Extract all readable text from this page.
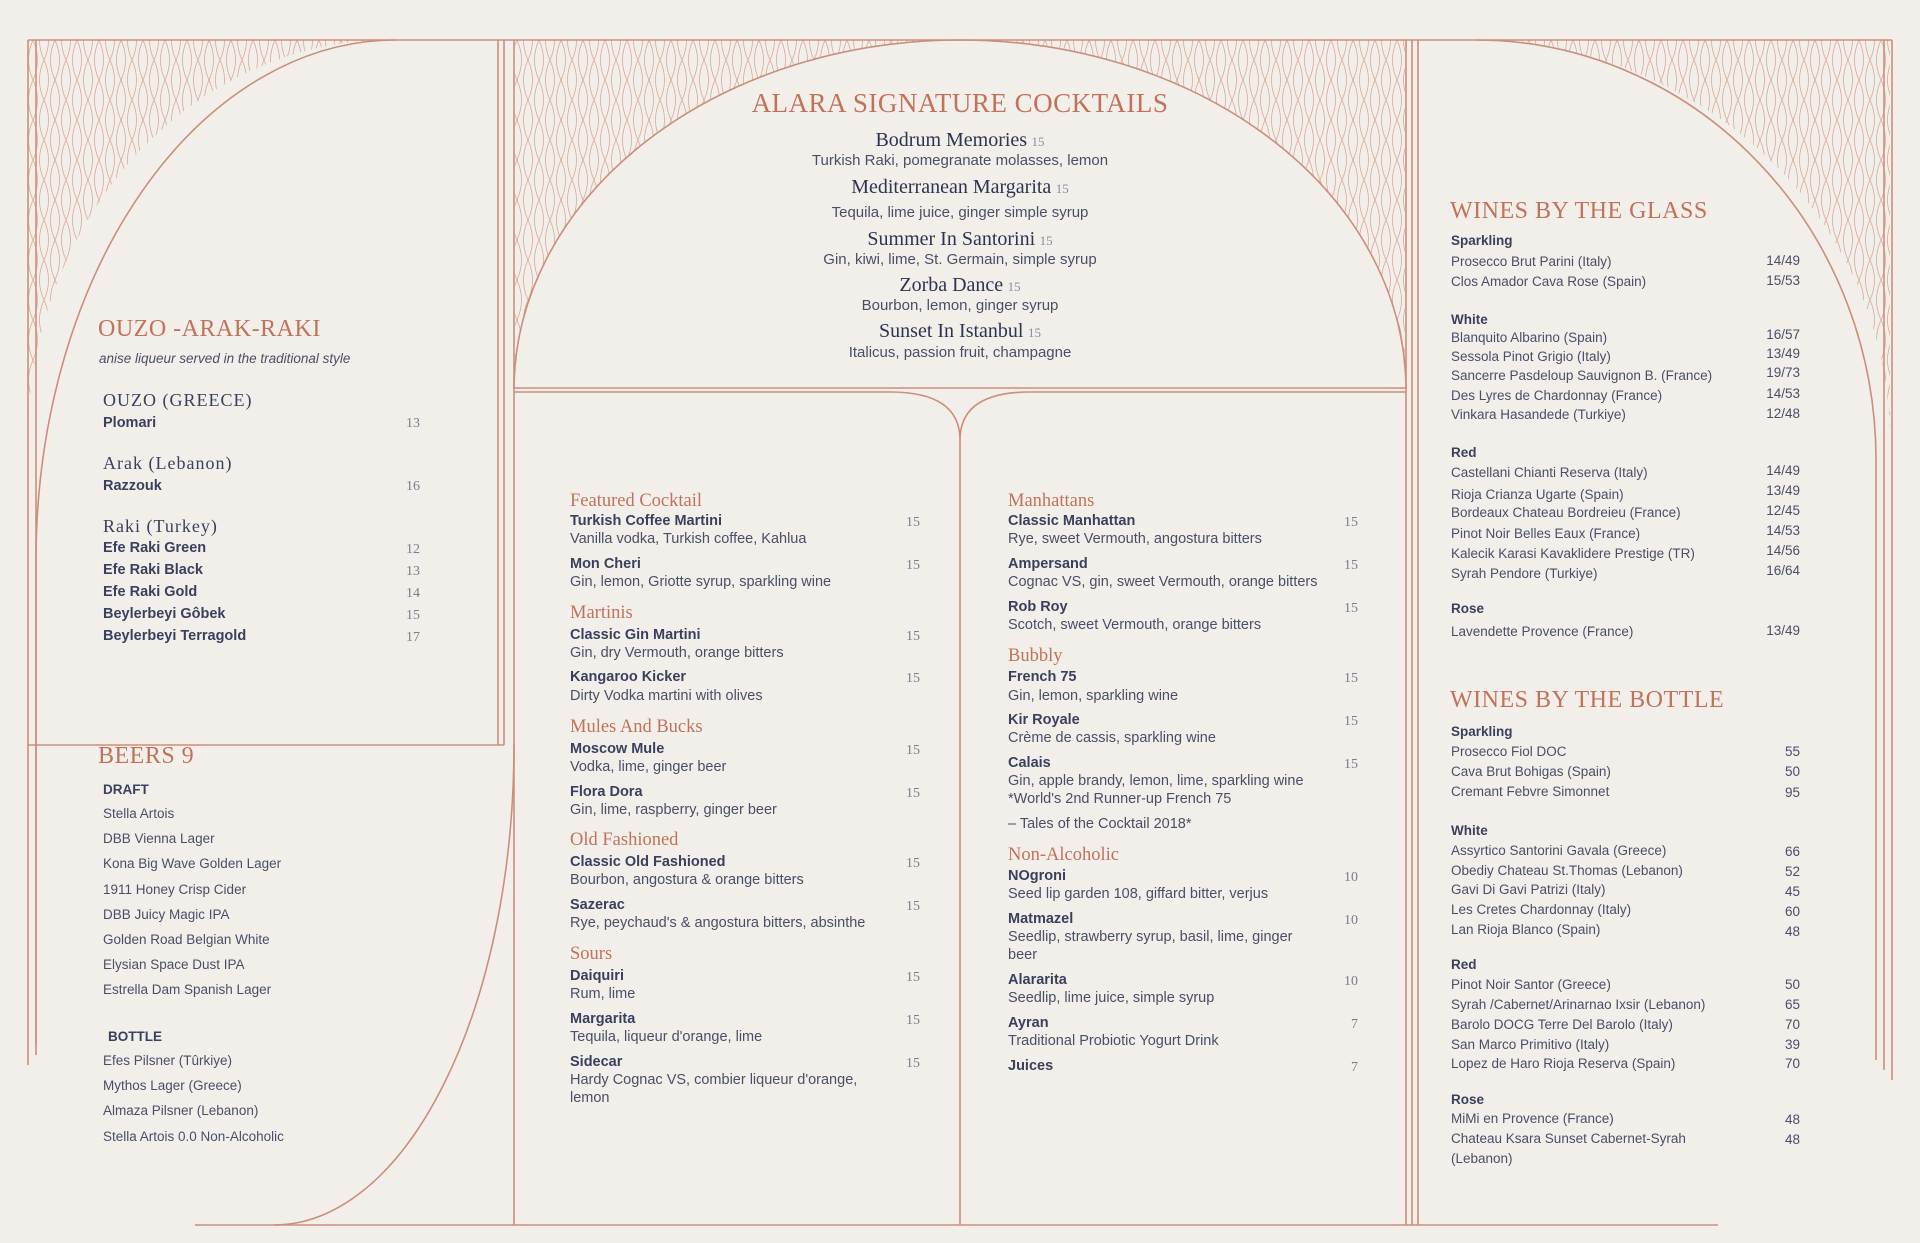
OUZO -ARAK-RAKI
anise liqueur served in the traditional style
OUZO (GREECE)
Plomari	13
Arak (Lebanon)
Razzouk	16
Raki (Turkey)
Efe Raki Green	12
Efe Raki Black	13
Efe Raki Gold	14
Beylerbeyi Gôbek	15
Beylerbeyi Terragold	17
BEERS 9
DRAFT
Stella Artois
DBB Vienna Lager
Kona Big Wave Golden Lager
1911 Honey Crisp Cider
DBB Juicy Magic IPA
Golden Road Belgian White
Elysian Space Dust IPA
Estrella Dam Spanish Lager
BOTTLE
Efes Pilsner (Tûrkiye)
Mythos Lager (Greece)
Almaza Pilsner (Lebanon)
Stella Artois 0.0 Non-Alcoholic
ALARA SIGNATURE COCKTAILS
Bodrum Memories 15
Turkish Raki, pomegranate molasses, lemon
Mediterranean Margarita 15
Tequila, lime juice, ginger simple syrup
Summer In Santorini 15
Gin, kiwi, lime, St. Germain, simple syrup
Zorba Dance 15
Bourbon, lemon, ginger syrup
Sunset In Istanbul 15
Italicus, passion fruit, champagne
Featured Cocktail
Turkish Coffee Martini	15
Vanilla vodka, Turkish coffee, Kahlua
Mon Cheri	15
Gin, lemon, Griotte syrup, sparkling wine
Martinis
Classic Gin Martini	15
Gin, dry Vermouth, orange bitters
Kangaroo Kicker	15
Dirty Vodka martini with olives
Mules And Bucks
Moscow Mule	15
Vodka, lime, ginger beer
Flora Dora	15
Gin, lime, raspberry, ginger beer
Old Fashioned
Classic Old Fashioned	15
Bourbon, angostura & orange bitters
Sazerac	15
Rye, peychaud's & angostura bitters, absinthe
Sours
Daiquiri	15
Rum, lime
Margarita	15
Tequila, liqueur d'orange, lime
Sidecar	15
Hardy Cognac VS, combier liqueur d'orange,
lemon
Manhattans
Classic Manhattan	15
Rye, sweet Vermouth, angostura bitters
Ampersand	15
Cognac VS, gin, sweet Vermouth, orange bitters
Rob Roy	15
Scotch, sweet Vermouth, orange bitters
Bubbly
French 75	15
Gin, lemon, sparkling wine
Kir Royale	15
Crème de cassis, sparkling wine
Calais	15
Gin, apple brandy, lemon, lime, sparkling wine
*World's 2nd Runner-up French 75
– Tales of the Cocktail 2018*
Non-Alcoholic
NOgroni	10
Seed lip garden 108, giffard bitter, verjus
Matmazel	10
Seedlip, strawberry syrup, basil, lime, ginger
beer
Alararita	10
Seedlip, lime juice, simple syrup
Ayran	7
Traditional Probiotic Yogurt Drink
Juices	7
WINES BY THE GLASS
Sparkling
Prosecco Brut Parini (Italy)	14/49
Clos Amador Cava Rose (Spain)	15/53
White
Blanquito Albarino (Spain)	16/57
Sessola Pinot Grigio (Italy)	13/49
Sancerre Pasdeloup Sauvignon B. (France)	19/73
Des Lyres de Chardonnay (France)	14/53
Vinkara Hasandede (Turkiye)	12/48
Red
Castellani Chianti Reserva (Italy)	14/49
Rioja Crianza Ugarte (Spain)	13/49
Bordeaux Chateau Bordreieu (France)	12/45
Pinot Noir Belles Eaux (France)	14/53
Kalecik Karasi Kavaklidere Prestige (TR)	14/56
Syrah Pendore (Turkiye)	16/64
Rose
Lavendette Provence (France)	13/49
WINES BY THE BOTTLE
Sparkling
Prosecco Fiol DOC	55
Cava Brut Bohigas (Spain)	50
Cremant Febvre Simonnet	95
White
Assyrtico Santorini Gavala (Greece)	66
Obediy Chateau St.Thomas (Lebanon)	52
Gavi Di Gavi Patrizi (Italy)	45
Les Cretes Chardonnay (Italy)	60
Lan Rioja Blanco (Spain)	48
Red
Pinot Noir Santor (Greece)	50
Syrah /Cabernet/Arinarnao Ixsir (Lebanon)	65
Barolo DOCG Terre Del Barolo (Italy)	70
San Marco Primitivo (Italy)	39
Lopez de Haro Rioja Reserva (Spain)	70
Rose
MiMi en Provence (France)	48
Chateau Ksara Sunset Cabernet-Syrah	48
(Lebanon)
